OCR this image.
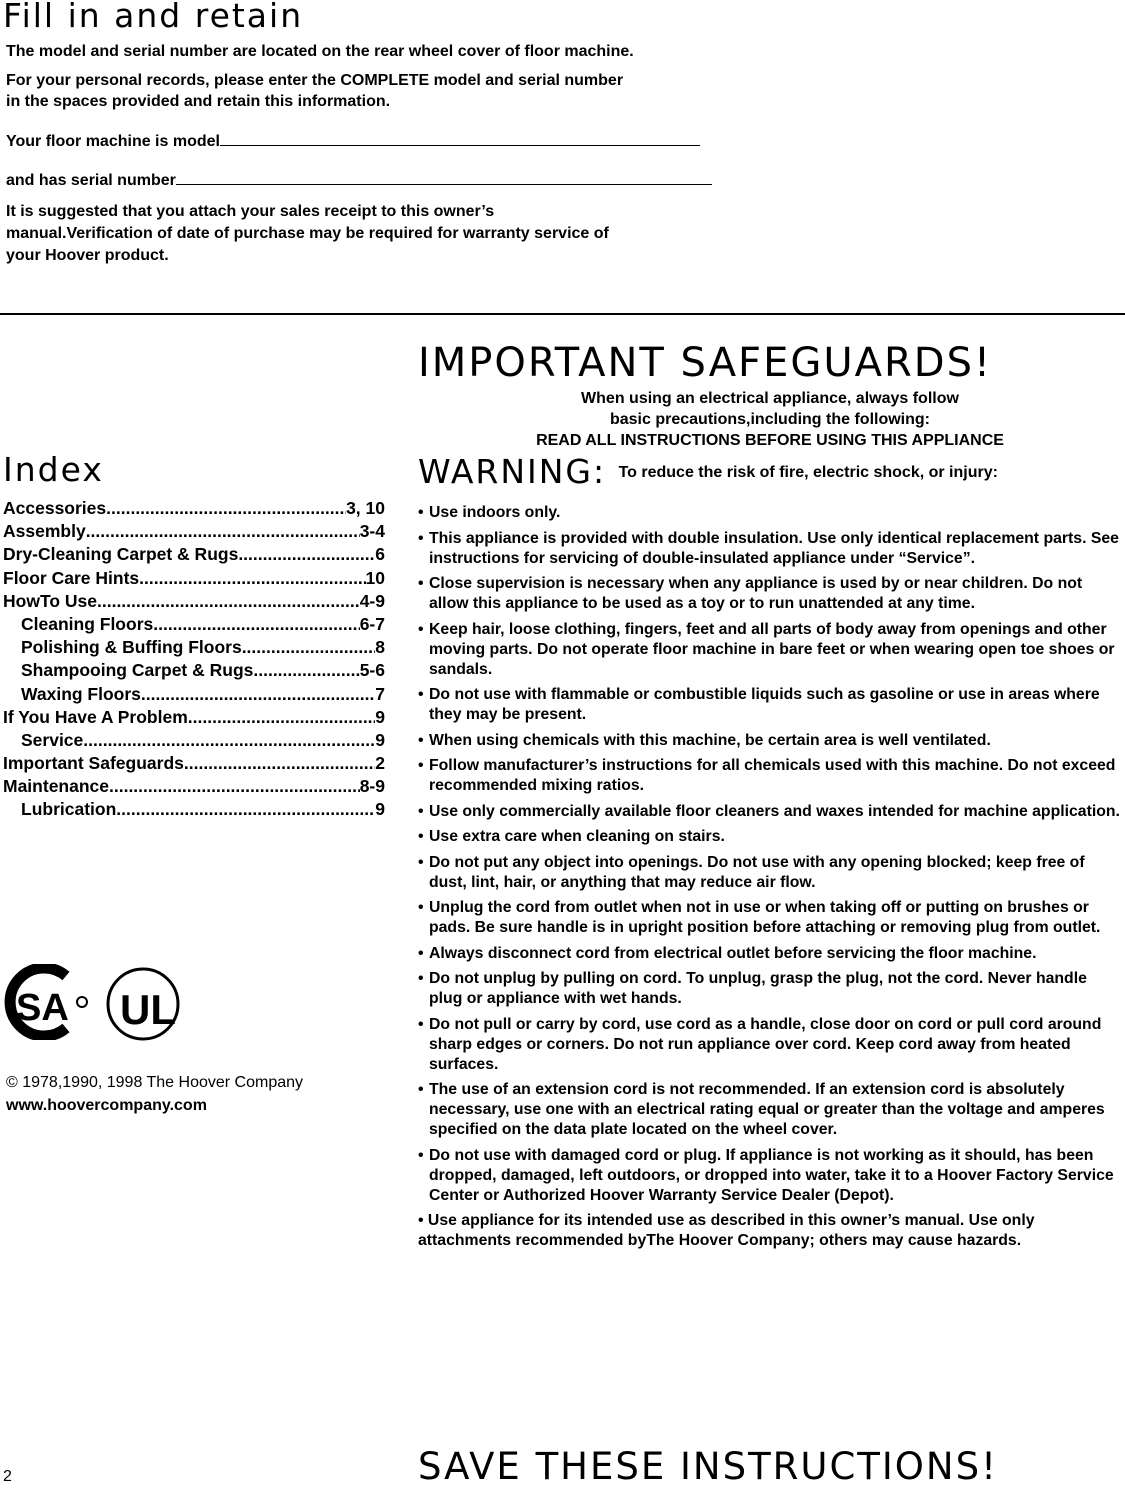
Fill in and retain
The model and serial number are located on the rear wheel cover of floor machine.
For your personal records, please enter the COMPLETE model and serial number
in the spaces provided and retain this information.
Your floor machine is model
and has serial number
It is suggested that you attach your sales receipt to this owner’s
manual.Verification of date of purchase may be required for warranty service of
your Hoover product.
Index
Accessories .....	3, 10
Assembly .....	3-4
Dry-Cleaning Carpet & Rugs .....	6
Floor Care Hints .....	10
HowTo Use .....	4-9
Cleaning Floors .....	6-7
Polishing & Buffing Floors .....	8
Shampooing Carpet & Rugs .....	5-6
Waxing Floors .....	7
If You Have A Problem .....	9
Service .....	9
Important Safeguards .....	2
Maintenance .....	8-9
Lubrication .....	9
SA UL
© 1978,1990, 1998 The Hoover Company
www.hoovercompany.com
2
IMPORTANT SAFEGUARDS!
When using an electrical appliance, always follow
basic precautions,including the following:
READ ALL INSTRUCTIONS BEFORE USING THIS APPLIANCE
WARNING: To reduce the risk of fire, electric shock, or injury:
• Use indoors only.
• This appliance is provided with double insulation. Use only identical replacement parts. See instructions for servicing of double-insulated appliance under “Service”.
• Close supervision is necessary when any appliance is used by or near children. Do not allow this appliance to be used as a toy or to run unattended at any time.
• Keep hair, loose clothing, fingers, feet and all parts of body away from openings and other moving parts. Do not operate floor machine in bare feet or when wearing open toe shoes or sandals.
• Do not use with flammable or combustible liquids such as gasoline or use in areas where they may be present.
• When using chemicals with this machine, be certain area is well ventilated.
• Follow manufacturer’s instructions for all chemicals used with this machine. Do not exceed recommended mixing ratios.
• Use only commercially available floor cleaners and waxes intended for machine application.
• Use extra care when cleaning on stairs.
• Do not put any object into openings. Do not use with any opening blocked; keep free of dust, lint, hair, or anything that may reduce air flow.
• Unplug the cord from outlet when not in use or when taking off or putting on brushes or pads. Be sure handle is in upright position before attaching or removing plug from outlet.
• Always disconnect cord from electrical outlet before servicing the floor machine.
• Do not unplug by pulling on cord. To unplug, grasp the plug, not the cord. Never handle plug or appliance with wet hands.
• Do not pull or carry by cord, use cord as a handle, close door on cord or pull cord around sharp edges or corners. Do not run appliance over cord. Keep cord away from heated surfaces.
• The use of an extension cord is not recommended. If an extension cord is absolutely necessary, use one with an electrical rating equal or greater than the voltage and amperes specified on the data plate located on the wheel cover.
• Do not use with damaged cord or plug. If appliance is not working as it should, has been dropped, damaged, left outdoors, or dropped into water, take it to a Hoover Factory Service Center or Authorized Hoover Warranty Service Dealer (Depot).
• Use appliance for its intended use as described in this owner’s manual. Use only attachments recommended byThe Hoover Company; others may cause hazards.
SAVE THESE INSTRUCTIONS!
